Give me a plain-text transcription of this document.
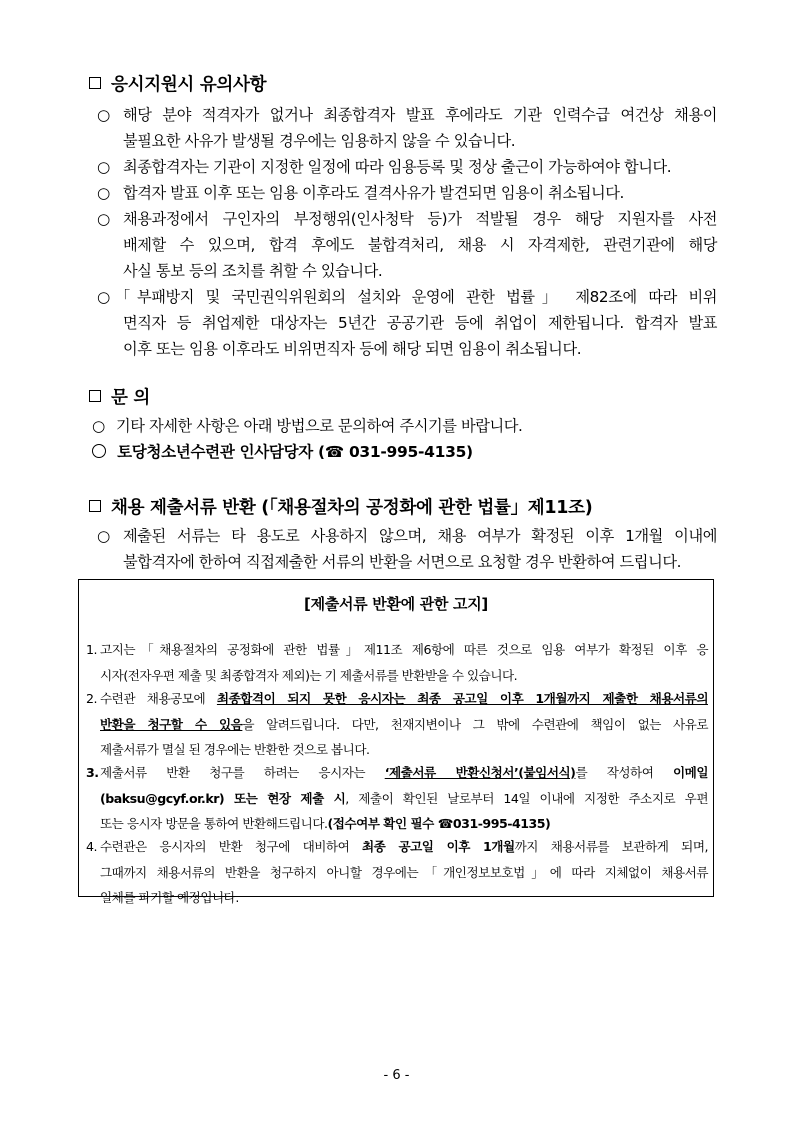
응시지원시 유의사항
○ 해당 분야 적격자가 없거나 최종합격자 발표 후에라도 기관 인력수급 여건상 채용이
불필요한 사유가 발생될 경우에는 임용하지 않을 수 있습니다.
○ 최종합격자는 기관이 지정한 일정에 따라 임용등록 및 정상 출근이 가능하여야 합니다.
○ 합격자 발표 이후 또는 임용 이후라도 결격사유가 발견되면 임용이 취소됩니다.
○ 채용과정에서 구인자의 부정행위(인사청탁 등)가 적발될 경우 해당 지원자를 사전
배제할 수 있으며, 합격 후에도 불합격처리, 채용 시 자격제한, 관련기관에 해당
사실 통보 등의 조치를 취할 수 있습니다.
○ 「부패방지 및 국민권익위원회의 설치와 운영에 관한 법률」 제82조에 따라 비위
면직자 등 취업제한 대상자는 5년간 공공기관 등에 취업이 제한됩니다. 합격자 발표
이후 또는 임용 이후라도 비위면직자 등에 해당 되면 임용이 취소됩니다.
문 의
○ 기타 자세한 사항은 아래 방법으로 문의하여 주시기를 바랍니다.
토당청소년수련관 인사담당자 (☎ 031-995-4135)
채용 제출서류 반환 (「채용절차의 공정화에 관한 법률」제11조)
○ 제출된 서류는 타 용도로 사용하지 않으며, 채용 여부가 확정된 이후 1개월 이내에
불합격자에 한하여 직접제출한 서류의 반환을 서면으로 요청할 경우 반환하여 드립니다.
[제출서류 반환에 관한 고지]
1. 고지는「채용절차의 공정화에 관한 법률」제11조 제6항에 따른 것으로 임용 여부가 확정된 이후 응
시자(전자우편 제출 및 최종합격자 제외)는 기 제출서류를 반환받을 수 있습니다.
2. 수련관 채용공모에 최종합격이 되지 못한 응시자는 최종 공고일 이후 1개월까지 제출한 채용서류의
반환을 청구할 수 있음을 알려드립니다. 다만, 천재지변이나 그 밖에 수련관에 책임이 없는 사유로
제출서류가 멸실 된 경우에는 반환한 것으로 봅니다.
3. 제출서류 반환 청구를 하려는 응시자는 ‘제출서류 반환신청서’(붙임서식)를 작성하여 이메일
(baksu@gcyf.or.kr) 또는 현장 제출 시, 제출이 확인된 날로부터 14일 이내에 지정한 주소지로 우편
또는 응시자 방문을 통하여 반환해드립니다.(접수여부 확인 필수 ☎031-995-4135)
4. 수련관은 응시자의 반환 청구에 대비하여 최종 공고일 이후 1개월까지 채용서류를 보관하게 되며,
그때까지 채용서류의 반환을 청구하지 아니할 경우에는「개인정보보호법」에 따라 지체없이 채용서류
일체를 파기할 예정입니다.
- 6 -
